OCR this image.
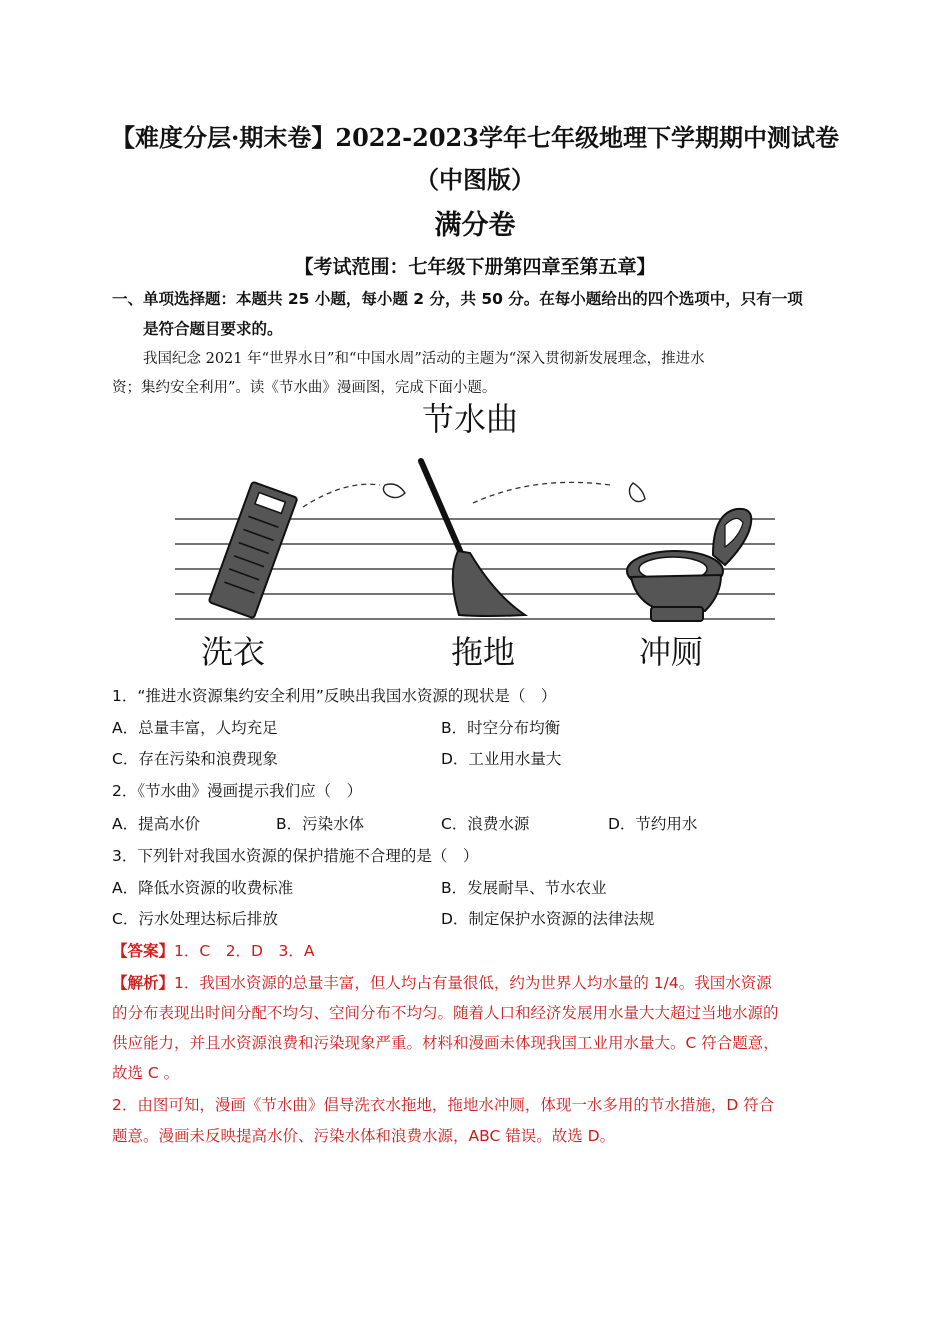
【难度分层·期末卷】2022-2023学年七年级地理下学期期中测试卷
（中图版）
满分卷
【考试范围：七年级下册第四章至第五章】
一、单项选择题：本题共 25 小题，每小题 2 分，共 50 分。在每小题给出的四个选项中，只有一项
是符合题目要求的。
我国纪念 2021 年“世界水日”和“中国水周”活动的主题为“深入贯彻新发展理念，推进水
资；集约安全利用”。读《节水曲》漫画图，完成下面小题。
节水曲
洗衣	拖地	冲厕
1．“推进水资源集约安全利用”反映出我国水资源的现状是（　）
A．总量丰富，人均充足	B．时空分布均衡
C．存在污染和浪费现象	D．工业用水量大
2．《节水曲》漫画提示我们应（　）
A．提高水价	B．污染水体	C．浪费水源	D．节约用水
3．下列针对我国水资源的保护措施不合理的是（　）
A．降低水资源的收费标准	B．发展耐旱、节水农业
C．污水处理达标后排放	D．制定保护水资源的法律法规
【答案】1．C　2．D　3．A
【解析】1．我国水资源的总量丰富，但人均占有量很低，约为世界人均水量的 1/4。我国水资源
的分布表现出时间分配不均匀、空间分布不均匀。随着人口和经济发展用水量大大超过当地水源的
供应能力，并且水资源浪费和污染现象严重。材料和漫画未体现我国工业用水量大。C 符合题意，
故选 C 。
2．由图可知，漫画《节水曲》倡导洗衣水拖地，拖地水冲厕，体现一水多用的节水措施，D 符合
题意。漫画未反映提高水价、污染水体和浪费水源，ABC 错误。故选 D。
